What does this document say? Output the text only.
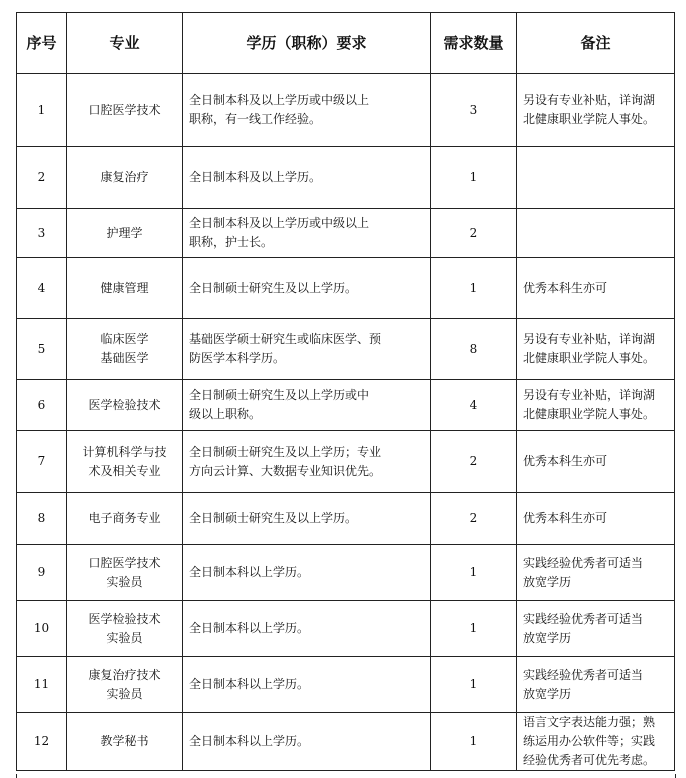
序号	专业	学历（职称）要求	需求数量	备注
1	口腔医学技术	全日制本科及以上学历或中级以上
职称，有一线工作经验。	3	另设有专业补贴，详询湖
北健康职业学院人事处。

2	康复治疗	全日制本科及以上学历。	1	
3	护理学	全日制本科及以上学历或中级以上
职称，护士长。	2	
4	健康管理	全日制硕士研究生及以上学历。	1	优秀本科生亦可

5	临床医学
基础医学	基础医学硕士研究生或临床医学、预
防医学本科学历。	8	另设有专业补贴，详询湖
北健康职业学院人事处。

6	医学检验技术	全日制硕士研究生及以上学历或中
级以上职称。	4	另设有专业补贴，详询湖
北健康职业学院人事处。

7	计算机科学与技
术及相关专业	全日制硕士研究生及以上学历；专业
方向云计算、大数据专业知识优先。	2	优秀本科生亦可

8	电子商务专业	全日制硕士研究生及以上学历。	2	优秀本科生亦可

9	口腔医学技术
实验员	全日制本科以上学历。	1	实践经验优秀者可适当
放宽学历

10	医学检验技术
实验员	全日制本科以上学历。	1	实践经验优秀者可适当
放宽学历

11	康复治疗技术
实验员	全日制本科以上学历。	1	实践经验优秀者可适当
放宽学历

12	教学秘书	全日制本科以上学历。	1	语言文字表达能力强；熟
练运用办公软件等；实践
经验优秀者可优先考虑。
